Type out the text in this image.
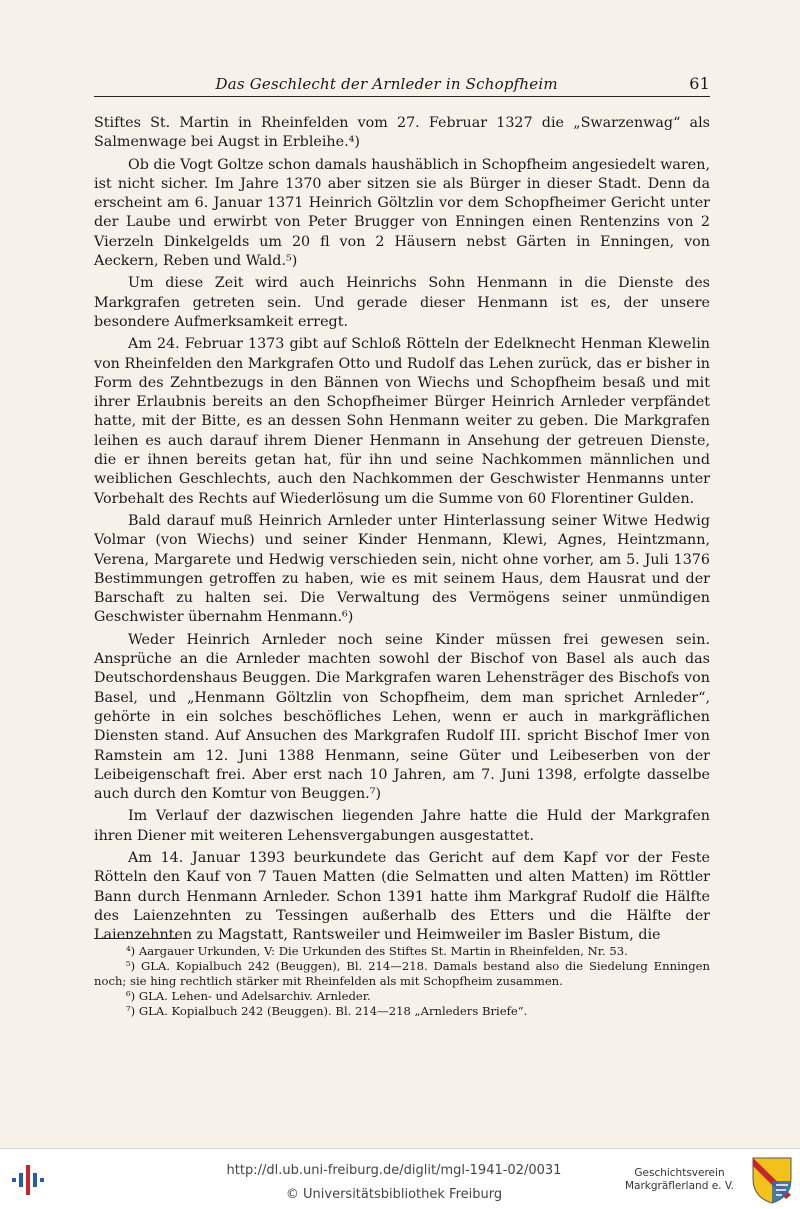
Das Geschlecht der Arnleder in Schopfheim	61

Stiftes St. Martin in Rheinfelden vom 27. Februar 1327 die „Swarzenwag“ als Salmenwage bei Augst in Erbleihe.⁴)

Ob die Vogt Goltze schon damals haushäblich in Schopfheim angesiedelt waren, ist nicht sicher. Im Jahre 1370 aber sitzen sie als Bürger in dieser Stadt. Denn da erscheint am 6. Januar 1371 Heinrich Göltzlin vor dem Schopfheimer Gericht unter der Laube und erwirbt von Peter Brugger von Enningen einen Rentenzins von 2 Vierzeln Dinkelgelds um 20 fl von 2 Häusern nebst Gärten in Enningen, von Aeckern, Reben und Wald.⁵)

Um diese Zeit wird auch Heinrichs Sohn Henmann in die Dienste des Markgrafen getreten sein. Und gerade dieser Henmann ist es, der unsere besondere Aufmerksamkeit erregt.

Am 24. Februar 1373 gibt auf Schloß Rötteln der Edelknecht Henman Klewelin von Rheinfelden den Markgrafen Otto und Rudolf das Lehen zurück, das er bisher in Form des Zehntbezugs in den Bännen von Wiechs und Schopfheim besaß und mit ihrer Erlaubnis bereits an den Schopfheimer Bürger Heinrich Arnleder verpfändet hatte, mit der Bitte, es an dessen Sohn Henmann weiter zu geben. Die Markgrafen leihen es auch darauf ihrem Diener Henmann in Ansehung der getreuen Dienste, die er ihnen bereits getan hat, für ihn und seine Nachkommen männlichen und weiblichen Geschlechts, auch den Nachkommen der Geschwister Henmanns unter Vorbehalt des Rechts auf Wiederlösung um die Summe von 60 Florentiner Gulden.

Bald darauf muß Heinrich Arnleder unter Hinterlassung seiner Witwe Hedwig Volmar (von Wiechs) und seiner Kinder Henmann, Klewi, Agnes, Heintzmann, Verena, Margarete und Hedwig verschieden sein, nicht ohne vorher, am 5. Juli 1376 Bestimmungen getroffen zu haben, wie es mit seinem Haus, dem Hausrat und der Barschaft zu halten sei. Die Verwaltung des Vermögens seiner unmündigen Geschwister übernahm Henmann.⁶)

Weder Heinrich Arnleder noch seine Kinder müssen frei gewesen sein. Ansprüche an die Arnleder machten sowohl der Bischof von Basel als auch das Deutschordenshaus Beuggen. Die Markgrafen waren Lehensträger des Bischofs von Basel, und „Henmann Göltzlin von Schopfheim, dem man sprichet Arnleder“, gehörte in ein solches beschöfliches Lehen, wenn er auch in markgräflichen Diensten stand. Auf Ansuchen des Markgrafen Rudolf III. spricht Bischof Imer von Ramstein am 12. Juni 1388 Henmann, seine Güter und Leibeserben von der Leibeigenschaft frei. Aber erst nach 10 Jahren, am 7. Juni 1398, erfolgte dasselbe auch durch den Komtur von Beuggen.⁷)

Im Verlauf der dazwischen liegenden Jahre hatte die Huld der Markgrafen ihren Diener mit weiteren Lehensvergabungen ausgestattet.

Am 14. Januar 1393 beurkundete das Gericht auf dem Kapf vor der Feste Rötteln den Kauf von 7 Tauen Matten (die Selmatten und alten Matten) im Röttler Bann durch Henmann Arnleder. Schon 1391 hatte ihm Markgraf Rudolf die Hälfte des Laienzehnten zu Tessingen außerhalb des Etters und die Hälfte der Laienzehnten zu Magstatt, Rantsweiler und Heimweiler im Basler Bistum, die

⁴) Aargauer Urkunden, V: Die Urkunden des Stiftes St. Martin in Rheinfelden, Nr. 53.

⁵) GLA. Kopialbuch 242 (Beuggen), Bl. 214—218. Damals bestand also die Siedelung Enningen noch; sie hing rechtlich stärker mit Rheinfelden als mit Schopfheim zusammen.

⁶) GLA. Lehen- und Adelsarchiv. Arnleder.

⁷) GLA. Kopialbuch 242 (Beuggen). Bl. 214—218 „Arnleders Briefe“.

http://dl.ub.uni-freiburg.de/diglit/mgl-1941-02/0031
© Universitätsbibliothek Freiburg
Geschichtsverein
Markgräflerland e. V.
